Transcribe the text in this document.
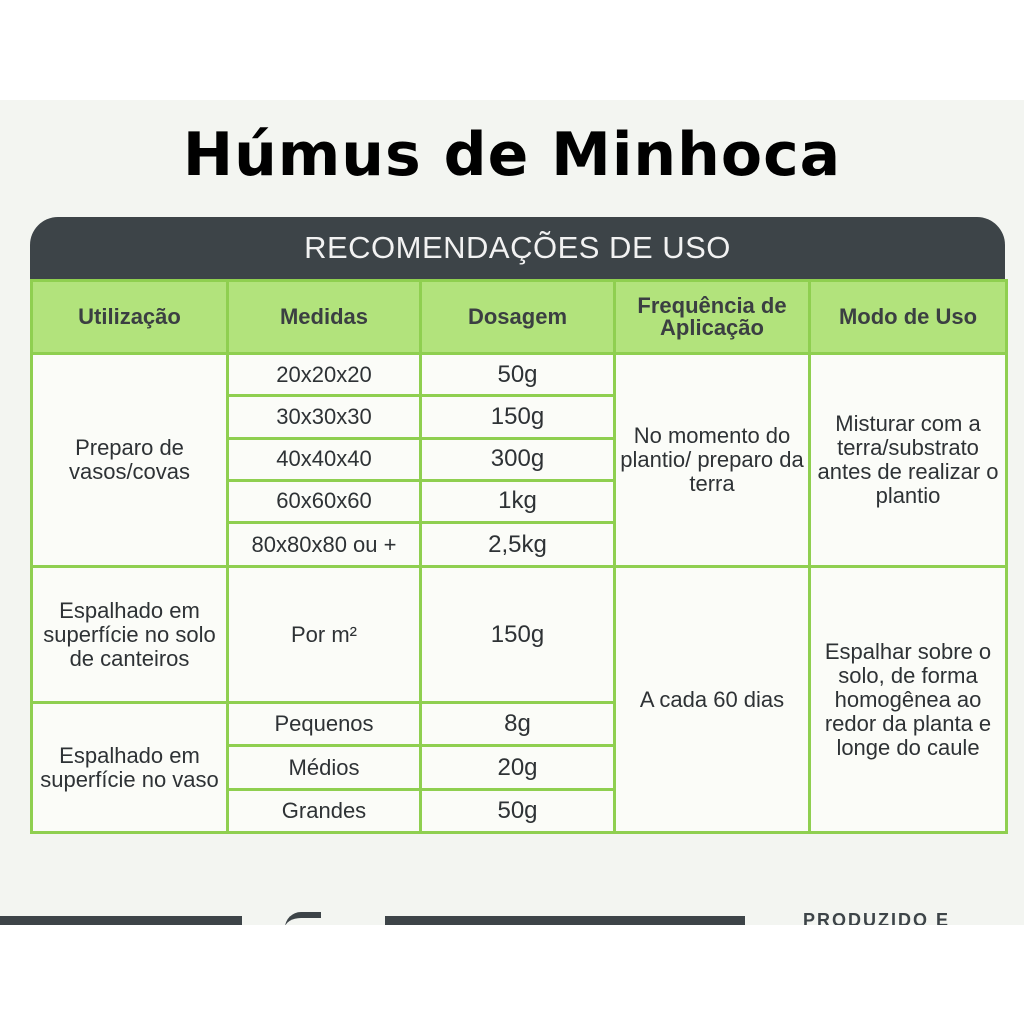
PRODUZIDO E
Húmus de Minhoca
RECOMENDAÇÕES DE USO
Utilização	Medidas	Dosagem	Frequência de Aplicação	Modo de Uso
Preparo de vasos/covas	20x20x20	50g	No momento do plantio/ preparo da terra	Misturar com a terra/substrato antes de realizar o plantio
	30x30x30	150g		
	40x40x40	300g		
	60x60x60	1kg		
	80x80x80 ou +	2,5kg		
Espalhado em superfície no solo de canteiros	Por m²	150g	A cada 60 dias	Espalhar sobre o solo, de forma homogênea ao redor da planta e longe do caule
Espalhado em superfície no vaso	Pequenos	8g		
	Médios	20g		
	Grandes	50g		
